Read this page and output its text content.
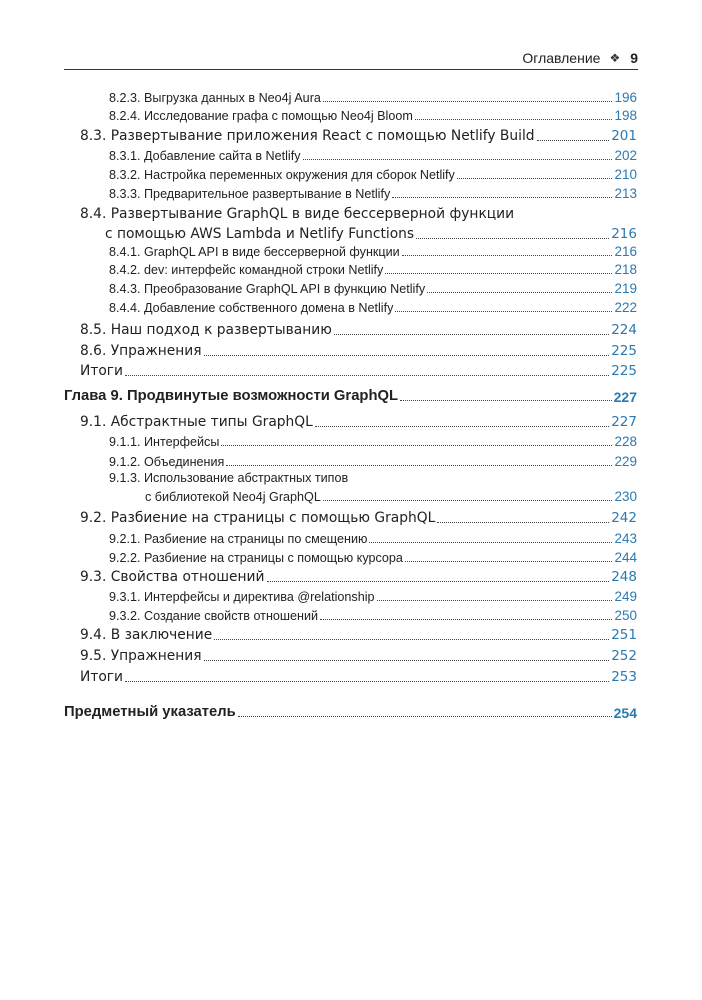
Оглавление ❖ 9
8.2.3. Выгрузка данных в Neo4j Aura	196
8.2.4. Исследование графа с помощью Neo4j Bloom	198
8.3. Развертывание приложения React с помощью Netlify Build	201
8.3.1. Добавление сайта в Netlify	202
8.3.2. Настройка переменных окружения для сборок Netlify	210
8.3.3. Предварительное развертывание в Netlify	213
8.4. Развертывание GraphQL в виде бессерверной функции
с помощью AWS Lambda и Netlify Functions	216
8.4.1. GraphQL API в виде бессерверной функции	216
8.4.2. dev: интерфейс командной строки Netlify	218
8.4.3. Преобразование GraphQL API в функцию Netlify	219
8.4.4. Добавление собственного домена в Netlify	222
8.5. Наш подход к развертыванию	224
8.6. Упражнения	225
Итоги	225
Глава 9. Продвинутые возможности GraphQL	227
9.1. Абстрактные типы GraphQL	227
9.1.1. Интерфейсы	228
9.1.2. Объединения	229
9.1.3. Использование абстрактных типов
с библиотекой Neo4j GraphQL	230
9.2. Разбиение на страницы с помощью GraphQL	242
9.2.1. Разбиение на страницы по смещению	243
9.2.2. Разбиение на страницы с помощью курсора	244
9.3. Свойства отношений	248
9.3.1. Интерфейсы и директива @relationship	249
9.3.2. Создание свойств отношений	250
9.4. В заключение	251
9.5. Упражнения	252
Итоги	253
Предметный указатель	254
